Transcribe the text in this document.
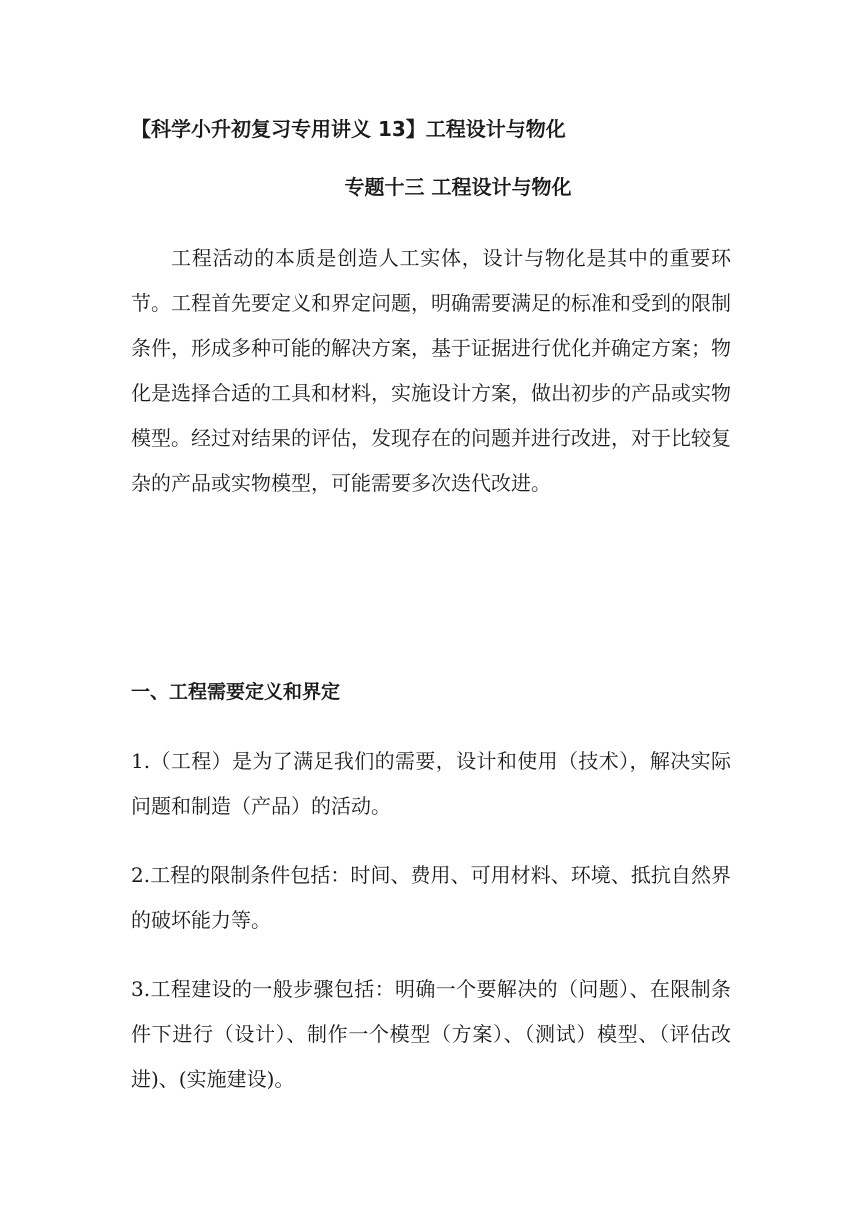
【科学小升初复习专用讲义 13】工程设计与物化
专题十三 工程设计与物化

工程活动的本质是创造人工实体，设计与物化是其中的重要环节。工程首先要定义和界定问题，明确需要满足的标准和受到的限制条件，形成多种可能的解决方案，基于证据进行优化并确定方案；物化是选择合适的工具和材料，实施设计方案，做出初步的产品或实物模型。经过对结果的评估，发现存在的问题并进行改进，对于比较复杂的产品或实物模型，可能需要多次迭代改进。

一、工程需要定义和界定

1.（工程）是为了满足我们的需要，设计和使用（技术），解决实际问题和制造（产品）的活动。

2.工程的限制条件包括：时间、费用、可用材料、环境、抵抗自然界的破坏能力等。

3.工程建设的一般步骤包括：明确一个要解决的（问题）、在限制条件下进行（设计）、制作一个模型（方案）、（测试）模型、（评估改进)、(实施建设)。
